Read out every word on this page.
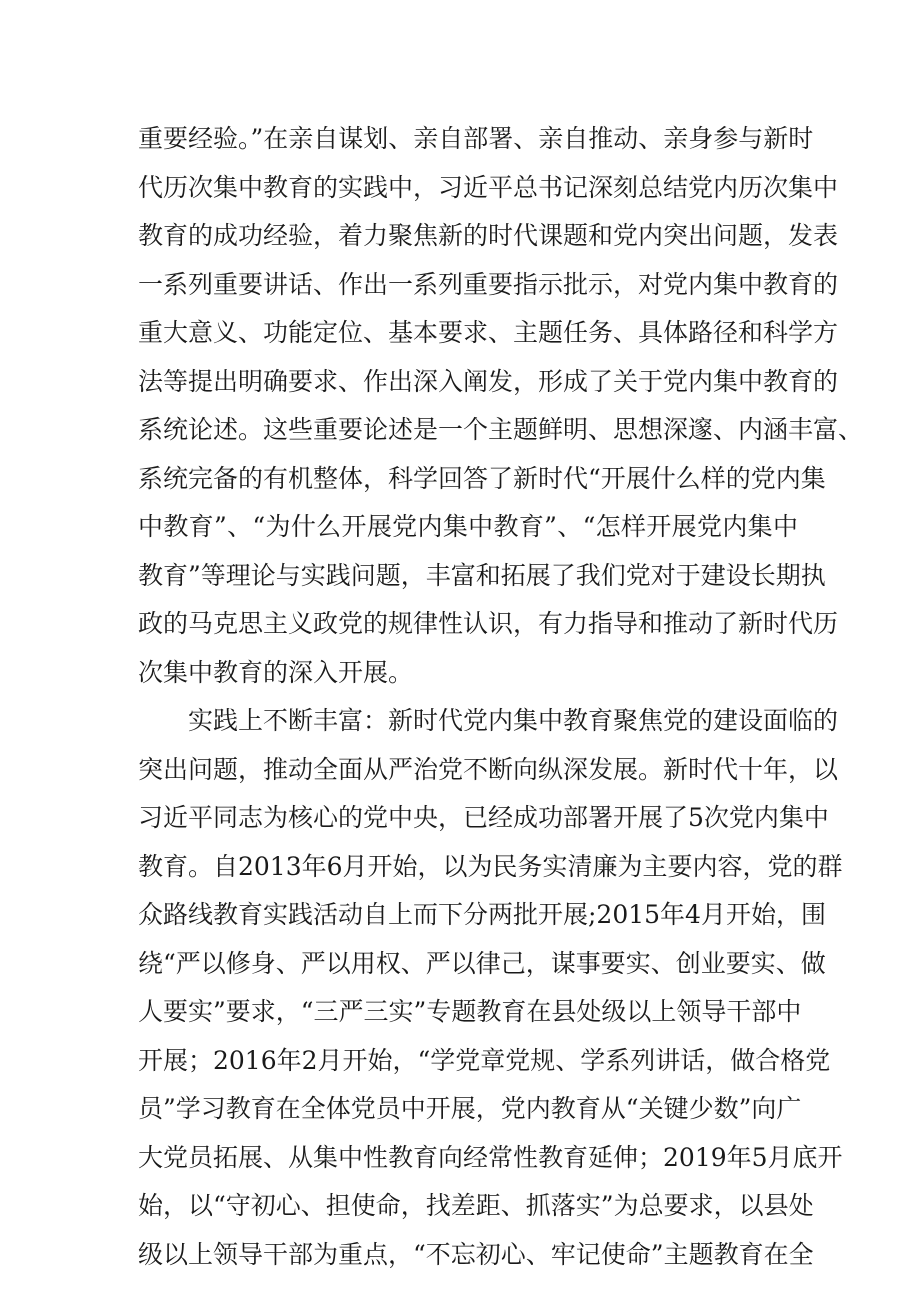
重要经验。”在亲自谋划、亲自部署、亲自推动、亲身参与新时
代历次集中教育的实践中，习近平总书记深刻总结党内历次集中
教育的成功经验，着力聚焦新的时代课题和党内突出问题，发表
一系列重要讲话、作出一系列重要指示批示，对党内集中教育的
重大意义、功能定位、基本要求、主题任务、具体路径和科学方
法等提出明确要求、作出深入阐发，形成了关于党内集中教育的
系统论述。这些重要论述是一个主题鲜明、思想深邃、内涵丰富、
系统完备的有机整体，科学回答了新时代“开展什么样的党内集
中教育”、“为什么开展党内集中教育”、“怎样开展党内集中
教育”等理论与实践问题，丰富和拓展了我们党对于建设长期执
政的马克思主义政党的规律性认识，有力指导和推动了新时代历
次集中教育的深入开展。
实践上不断丰富：新时代党内集中教育聚焦党的建设面临的
突出问题，推动全面从严治党不断向纵深发展。新时代十年，以
习近平同志为核心的党中央，已经成功部署开展了5次党内集中
教育。自2013年6月开始，以为民务实清廉为主要内容，党的群
众路线教育实践活动自上而下分两批开展;2015年4月开始，围
绕“严以修身、严以用权、严以律己，谋事要实、创业要实、做
人要实”要求，“三严三实”专题教育在县处级以上领导干部中
开展；2016年2月开始，“学党章党规、学系列讲话，做合格党
员”学习教育在全体党员中开展，党内教育从“关键少数”向广
大党员拓展、从集中性教育向经常性教育延伸；2019年5月底开
始，以“守初心、担使命，找差距、抓落实”为总要求，以县处
级以上领导干部为重点，“不忘初心、牢记使命”主题教育在全
